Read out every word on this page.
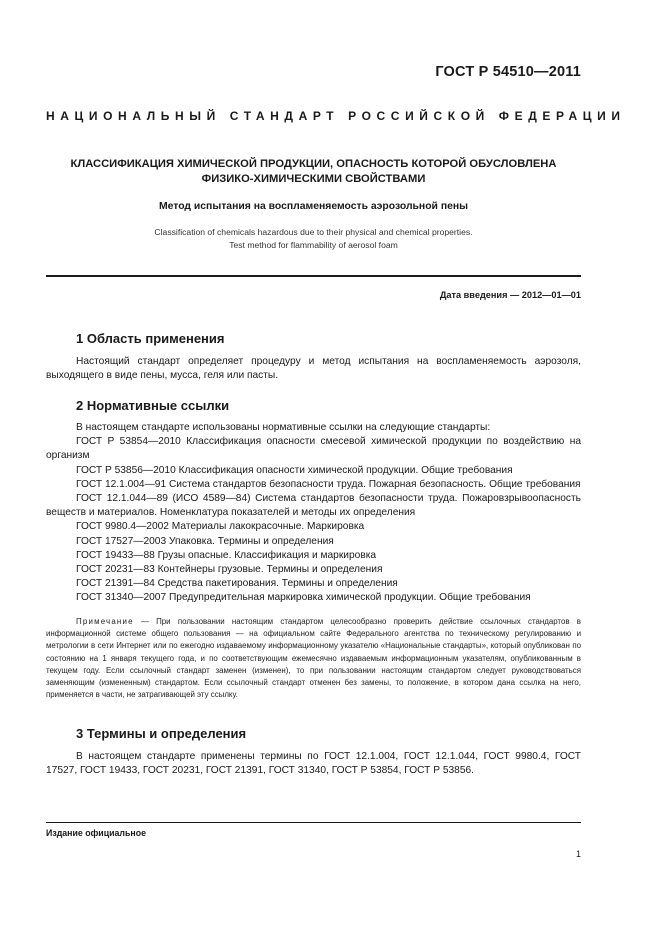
ГОСТ Р 54510—2011
НАЦИОНАЛЬНЫЙ СТАНДАРТ РОССИЙСКОЙ ФЕДЕРАЦИИ
КЛАССИФИКАЦИЯ ХИМИЧЕСКОЙ ПРОДУКЦИИ, ОПАСНОСТЬ КОТОРОЙ ОБУСЛОВЛЕНА
ФИЗИКО-ХИМИЧЕСКИМИ СВОЙСТВАМИ
Метод испытания на воспламеняемость аэрозольной пены
Classification of chemicals hazardous due to their physical and chemical properties.
Test method for flammability of aerosol foam
Дата введения — 2012—01—01
1 Область применения

Настоящий стандарт определяет процедуру и метод испытания на воспламеняемость аэрозоля, выходящего в виде пены, мусса, геля или пасты.

2 Нормативные ссылки

В настоящем стандарте использованы нормативные ссылки на следующие стандарты:

ГОСТ Р 53854—2010 Классификация опасности смесевой химической продукции по воздействию на организм

ГОСТ Р 53856—2010 Классификация опасности химической продукции. Общие требования

ГОСТ 12.1.004—91 Система стандартов безопасности труда. Пожарная безопасность. Общие требования

ГОСТ 12.1.044—89 (ИСО 4589—84) Система стандартов безопасности труда. Пожаровзрывоопасность веществ и материалов. Номенклатура показателей и методы их определения

ГОСТ 9980.4—2002 Материалы лакокрасочные. Маркировка

ГОСТ 17527—2003 Упаковка. Термины и определения

ГОСТ 19433—88 Грузы опасные. Классификация и маркировка

ГОСТ 20231—83 Контейнеры грузовые. Термины и определения

ГОСТ 21391—84 Средства пакетирования. Термины и определения

ГОСТ 31340—2007 Предупредительная маркировка химической продукции. Общие требования

Примечание — При пользовании настоящим стандартом целесообразно проверить действие ссылочных стандартов в информационной системе общего пользования — на официальном сайте Федерального агентства по техническому регулированию и метрологии в сети Интернет или по ежегодно издаваемому информационному указателю «Национальные стандарты», который опубликован по состоянию на 1 января текущего года, и по соответствующим ежемесячно издаваемым информационным указателям, опубликованным в текущем году. Если ссылочный стандарт заменен (изменен), то при пользовании настоящим стандартом следует руководствоваться заменяющим (измененным) стандартом. Если ссылочный стандарт отменен без замены, то положение, в котором дана ссылка на него, применяется в части, не затрагивающей эту ссылку.

3 Термины и определения

В настоящем стандарте применены термины по ГОСТ 12.1.004, ГОСТ 12.1.044, ГОСТ 9980.4, ГОСТ 17527, ГОСТ 19433, ГОСТ 20231, ГОСТ 21391, ГОСТ 31340, ГОСТ Р 53854, ГОСТ Р 53856.

Издание официальное
1
